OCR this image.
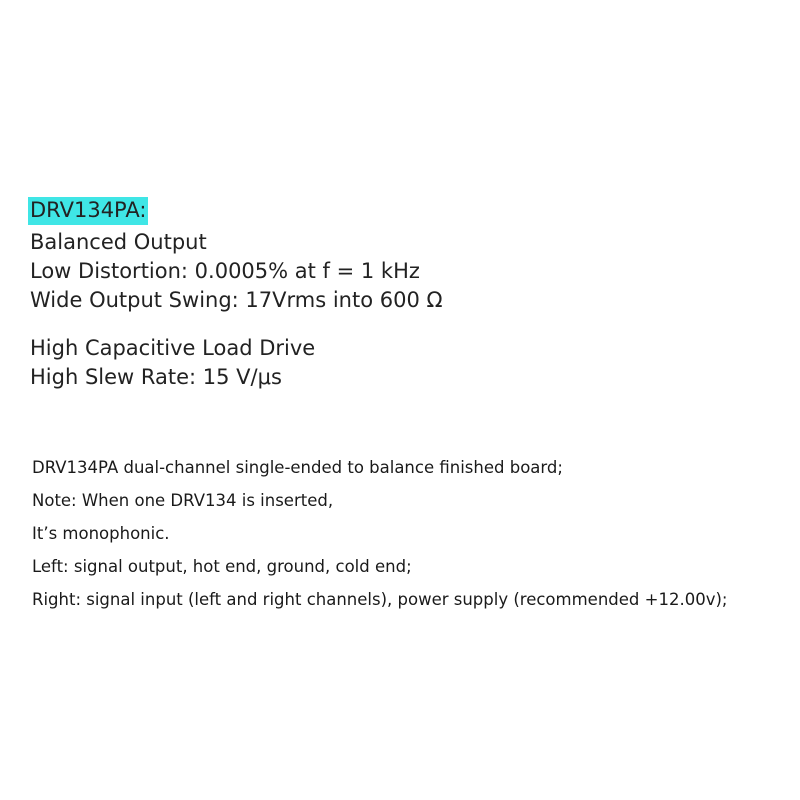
DRV134PA:
Balanced Output
Low Distortion: 0.0005% at f = 1 kHz
Wide Output Swing: 17Vrms into 600 Ω
High Capacitive Load Drive
High Slew Rate: 15 V/μs
DRV134PA dual-channel single-ended to balance finished board;
Note: When one DRV134 is inserted,
It’s monophonic.
Left: signal output, hot end, ground, cold end;
Right: signal input (left and right channels), power supply (recommended +12.00v);
